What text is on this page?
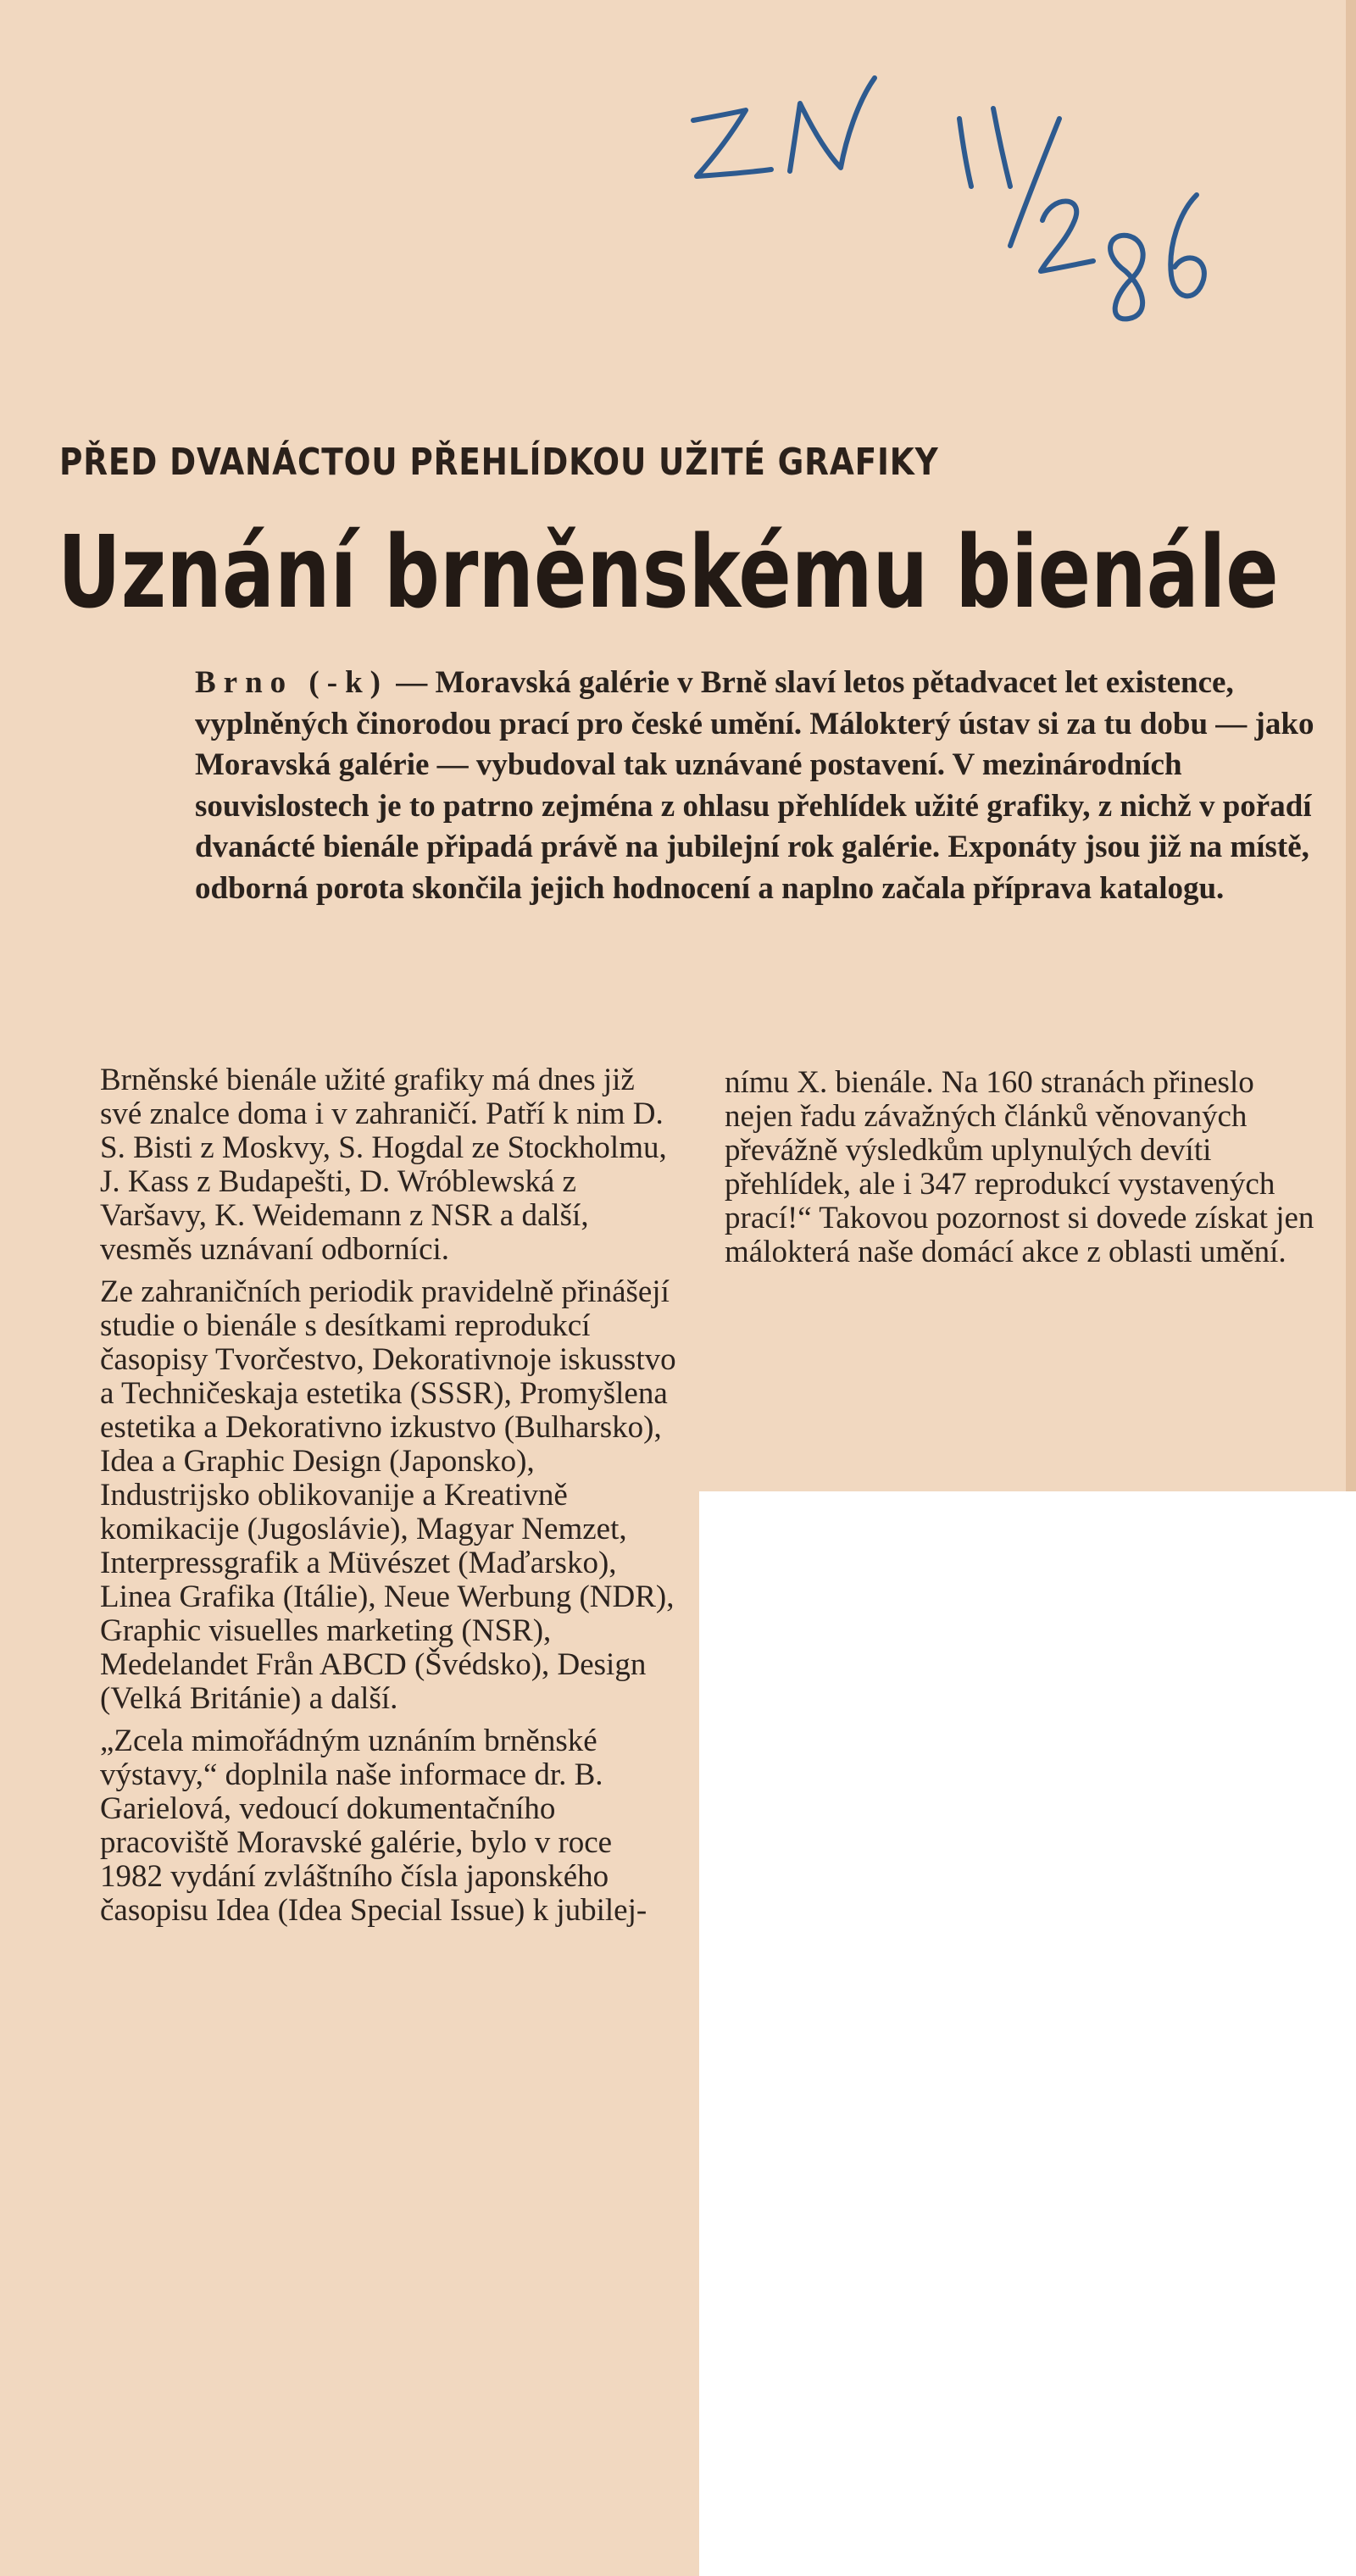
PŘED DVANÁCTOU PŘEHLÍDKOU UŽITÉ GRAFIKY
Uznání brněnskému bienále

Brno (-k) — Moravská galérie v Brně slaví letos pětadvacet let existence, vyplněných činorodou prací pro české umění. Málokterý ústav si za tu dobu — jako Moravská galérie — vybudoval tak uznávané postavení. V mezinárodních souvislostech je to patrno zejména z ohlasu přehlídek užité grafiky, z nichž v pořadí dvanácté bienále připadá právě na jubilejní rok galérie. Exponáty jsou již na místě, odborná porota skončila jejich hodnocení a naplno začala příprava katalogu.

Brněnské bienále užité grafiky má dnes již své znalce doma i v zahraničí. Patří k nim D. S. Bisti z Moskvy, S. Hogdal ze Stockholmu, J. Kass z Budapešti, D. Wróblewská z Varšavy, K. Weidemann z NSR a další, vesměs uznávaní odborníci.

Ze zahraničních periodik pravidelně přinášejí studie o bienále s desítkami reprodukcí časopisy Tvorčestvo, Dekorativnoje iskusstvo a Techničeskaja estetika (SSSR), Promyšlena estetika a Dekorativno izkustvo (Bulharsko), Idea a Graphic Design (Japonsko), Industrijsko oblikovanije a Kreativně komikacije (Jugoslávie), Magyar Nemzet, Interpressgrafik a Müvészet (Maďarsko), Linea Grafika (Itálie), Neue Werbung (NDR), Graphic visuelles marketing (NSR), Medelandet Från ABCD (Švédsko), Design (Velká Británie) a další.

„Zcela mimořádným uznáním brněnské výstavy,“ doplnila naše informace dr. B. Garielová, vedoucí dokumentačního pracoviště Moravské galérie, bylo v roce 1982 vydání zvláštního čísla japonského časopisu Idea (Idea Special Issue) k jubilej-

nímu X. bienále. Na 160 stranách přineslo nejen řadu závažných článků věnovaných převážně výsledkům uplynulých devíti přehlídek, ale i 347 reprodukcí vystavených prací!“ Takovou pozornost si dovede získat jen málokterá naše domácí akce z oblasti umění.
